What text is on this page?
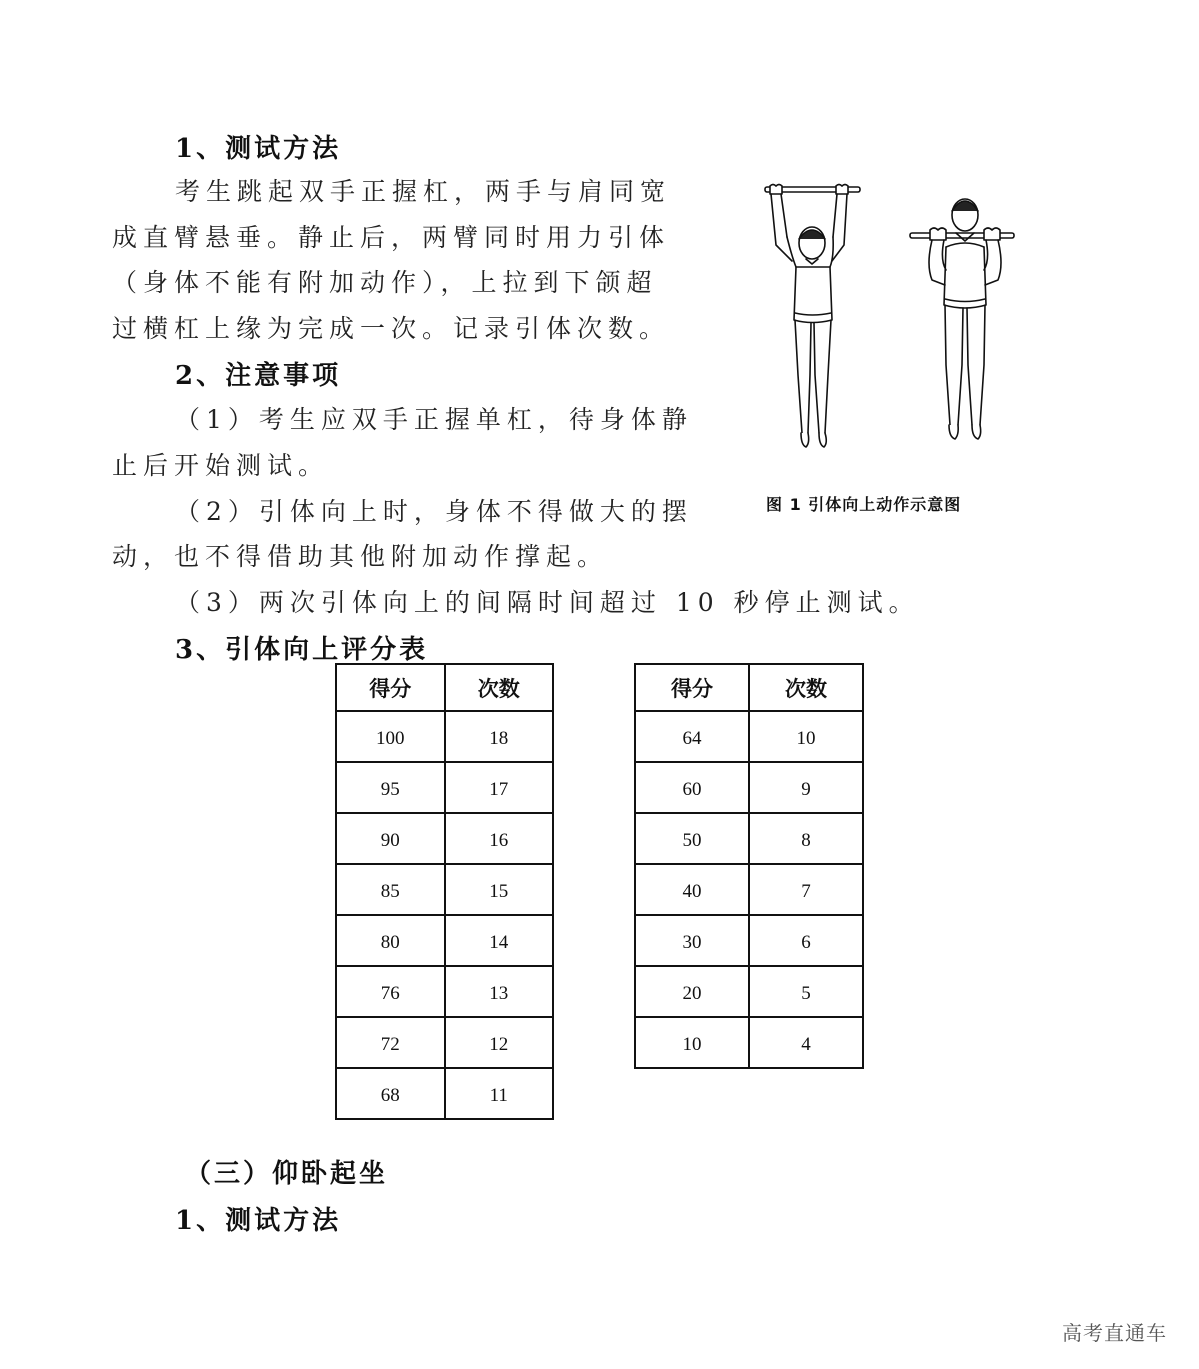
1、测试方法
考生跳起双手正握杠，两手与肩同宽
成直臂悬垂。静止后，两臂同时用力引体
（身体不能有附加动作），上拉到下颌超
过横杠上缘为完成一次。记录引体次数。
2、注意事项
（1）考生应双手正握单杠，待身体静
止后开始测试。
（2）引体向上时，身体不得做大的摆
动，也不得借助其他附加动作撑起。
（3）两次引体向上的间隔时间超过 10 秒停止测试。
3、引体向上评分表
图 1 引体向上动作示意图
得分	次数
100	18
95	17
90	16
85	15
80	14
76	13
72	12
68	11
得分	次数
64	10
60	9
50	8
40	7
30	6
20	5
10	4
（三）仰卧起坐
1、测试方法
高考直通车
